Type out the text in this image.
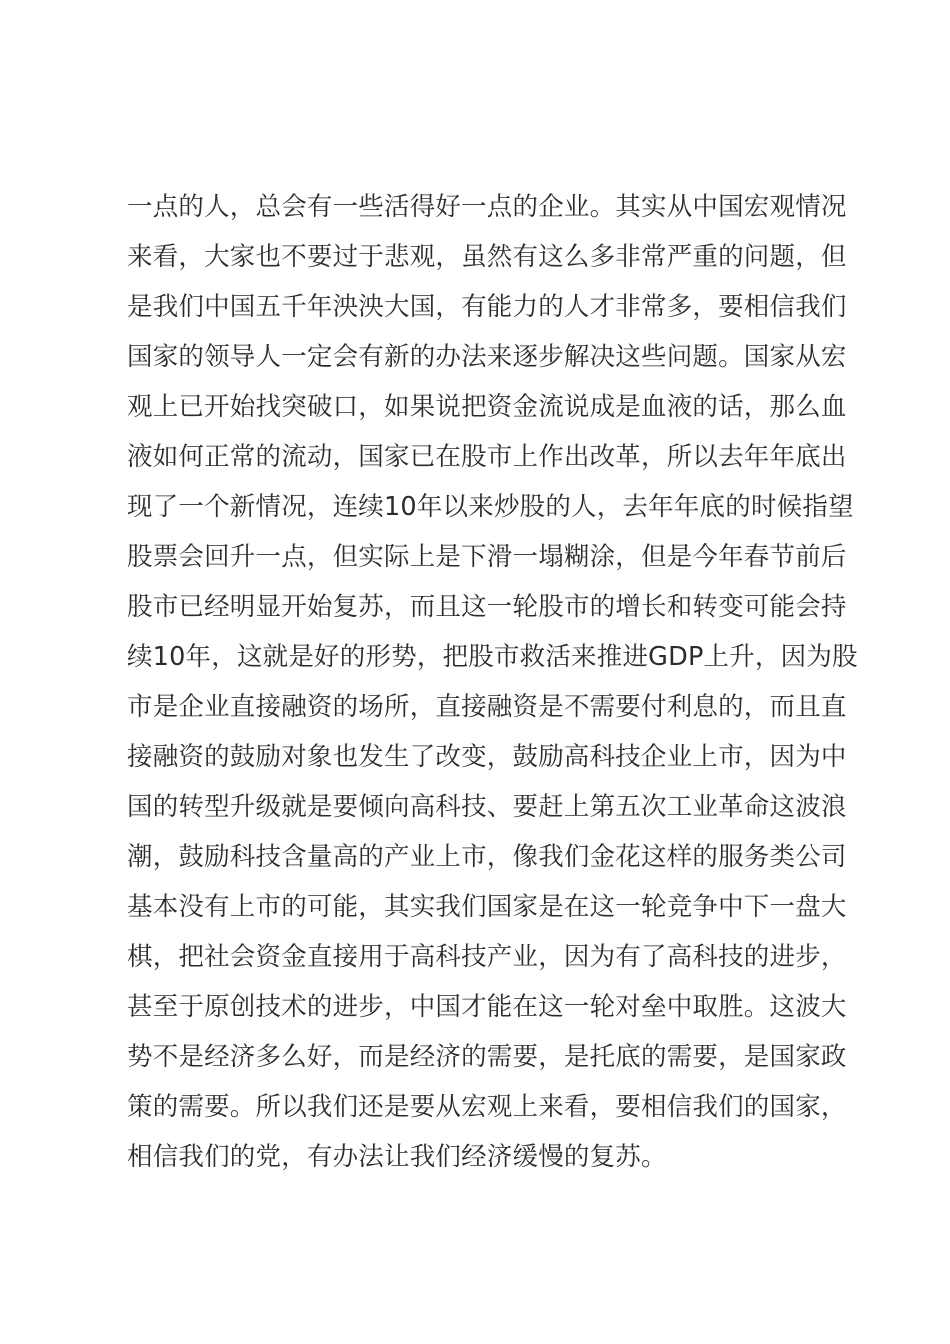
一点的人，总会有一些活得好一点的企业。其实从中国宏观情况
来看，大家也不要过于悲观，虽然有这么多非常严重的问题，但
是我们中国五千年泱泱大国，有能力的人才非常多，要相信我们
国家的领导人一定会有新的办法来逐步解决这些问题。国家从宏
观上已开始找突破口，如果说把资金流说成是血液的话，那么血
液如何正常的流动，国家已在股市上作出改革，所以去年年底出
现了一个新情况，连续10年以来炒股的人，去年年底的时候指望
股票会回升一点，但实际上是下滑一塌糊涂，但是今年春节前后
股市已经明显开始复苏，而且这一轮股市的增长和转变可能会持
续10年，这就是好的形势，把股市救活来推进GDP上升，因为股
市是企业直接融资的场所，直接融资是不需要付利息的，而且直
接融资的鼓励对象也发生了改变，鼓励高科技企业上市，因为中
国的转型升级就是要倾向高科技、要赶上第五次工业革命这波浪
潮，鼓励科技含量高的产业上市，像我们金花这样的服务类公司
基本没有上市的可能，其实我们国家是在这一轮竞争中下一盘大
棋，把社会资金直接用于高科技产业，因为有了高科技的进步，
甚至于原创技术的进步，中国才能在这一轮对垒中取胜。这波大
势不是经济多么好，而是经济的需要，是托底的需要，是国家政
策的需要。所以我们还是要从宏观上来看，要相信我们的国家，
相信我们的党，有办法让我们经济缓慢的复苏。
